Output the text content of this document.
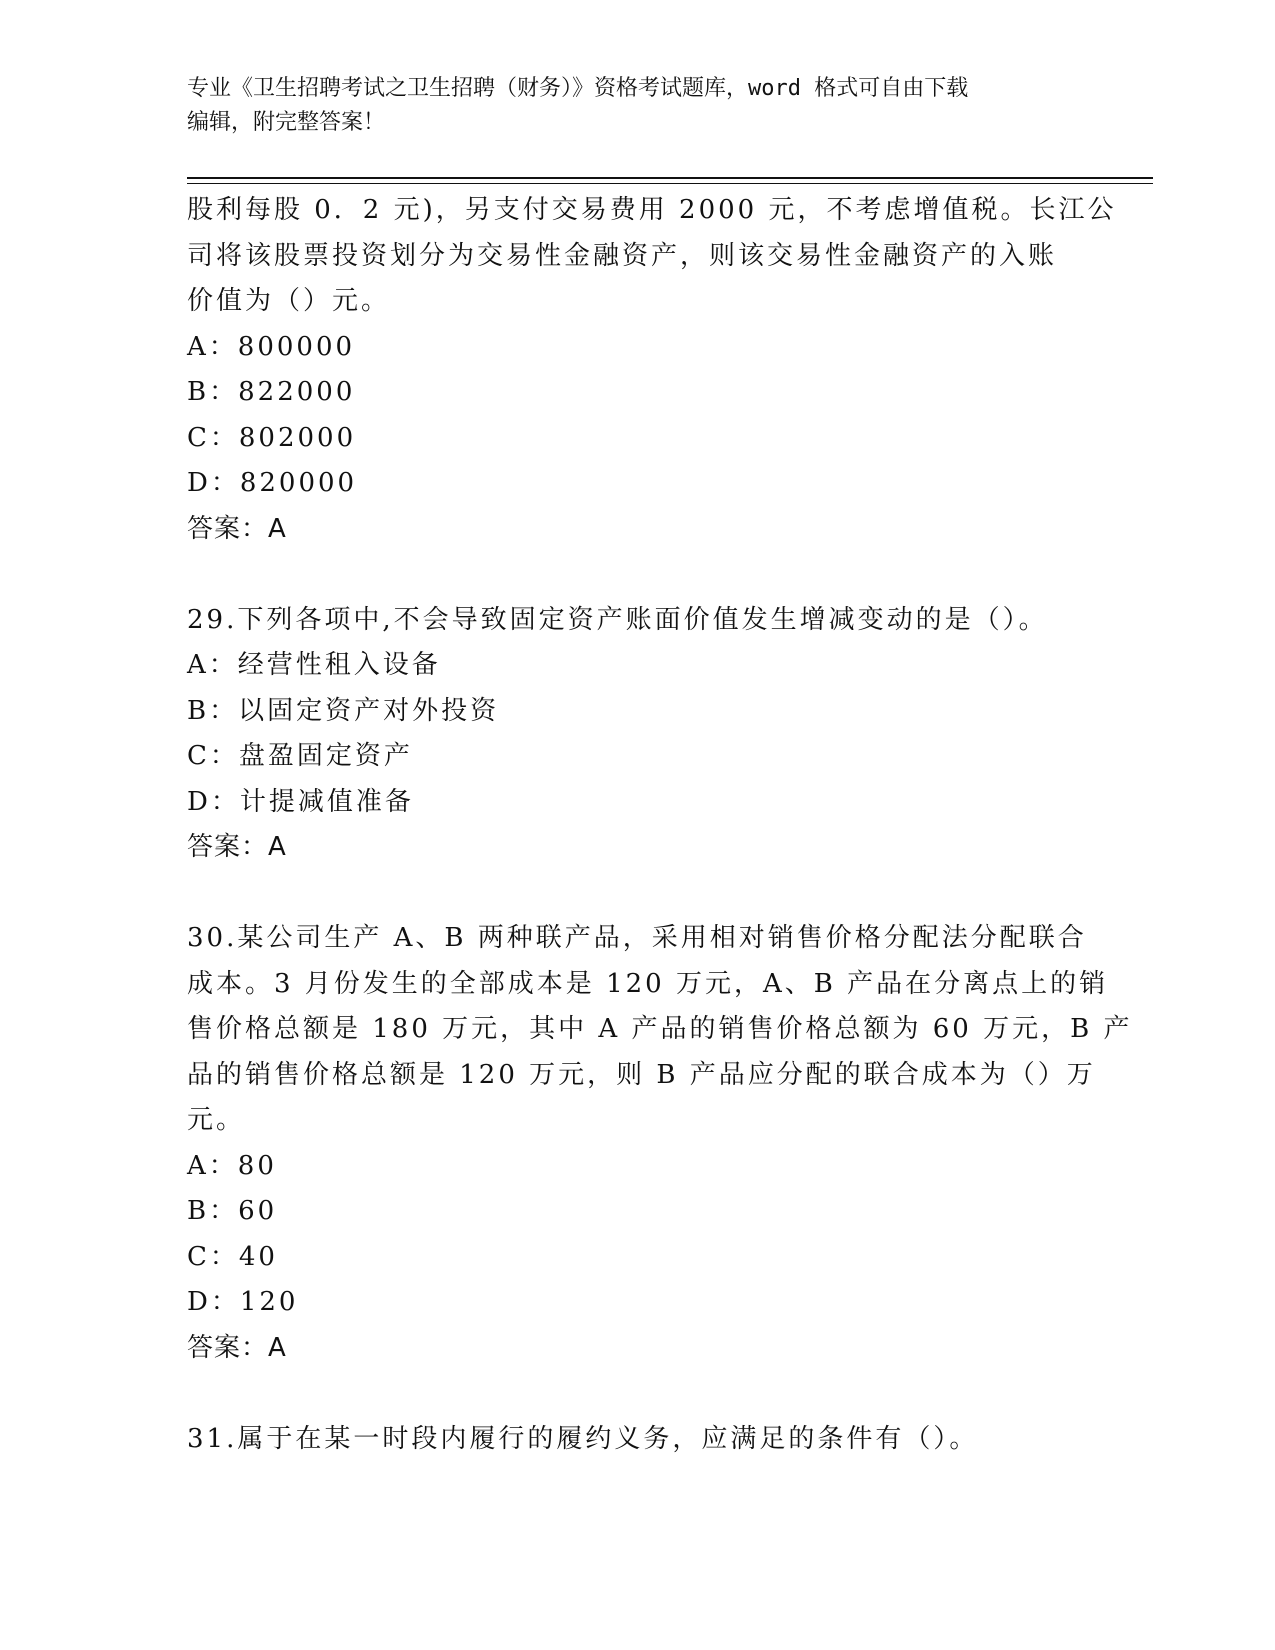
专业《卫生招聘考试之卫生招聘（财务）》资格考试题库，word 格式可自由下载
编辑，附完整答案！
股利每股 0．2 元)，另支付交易费用 2000 元，不考虑增值税。长江公
司将该股票投资划分为交易性金融资产，则该交易性金融资产的入账
价值为（）元。
A：800000
B：822000
C：802000
D：820000
答案：A
29.下列各项中,不会导致固定资产账面价值发生增减变动的是（）。
A：经营性租入设备
B：以固定资产对外投资
C：盘盈固定资产
D：计提减值准备
答案：A
30.某公司生产 A、B 两种联产品，采用相对销售价格分配法分配联合
成本。3 月份发生的全部成本是 120 万元，A、B 产品在分离点上的销
售价格总额是 180 万元，其中 A 产品的销售价格总额为 60 万元，B 产
品的销售价格总额是 120 万元，则 B 产品应分配的联合成本为（）万
元。
A：80
B：60
C：40
D：120
答案：A
31.属于在某一时段内履行的履约义务，应满足的条件有（）。
